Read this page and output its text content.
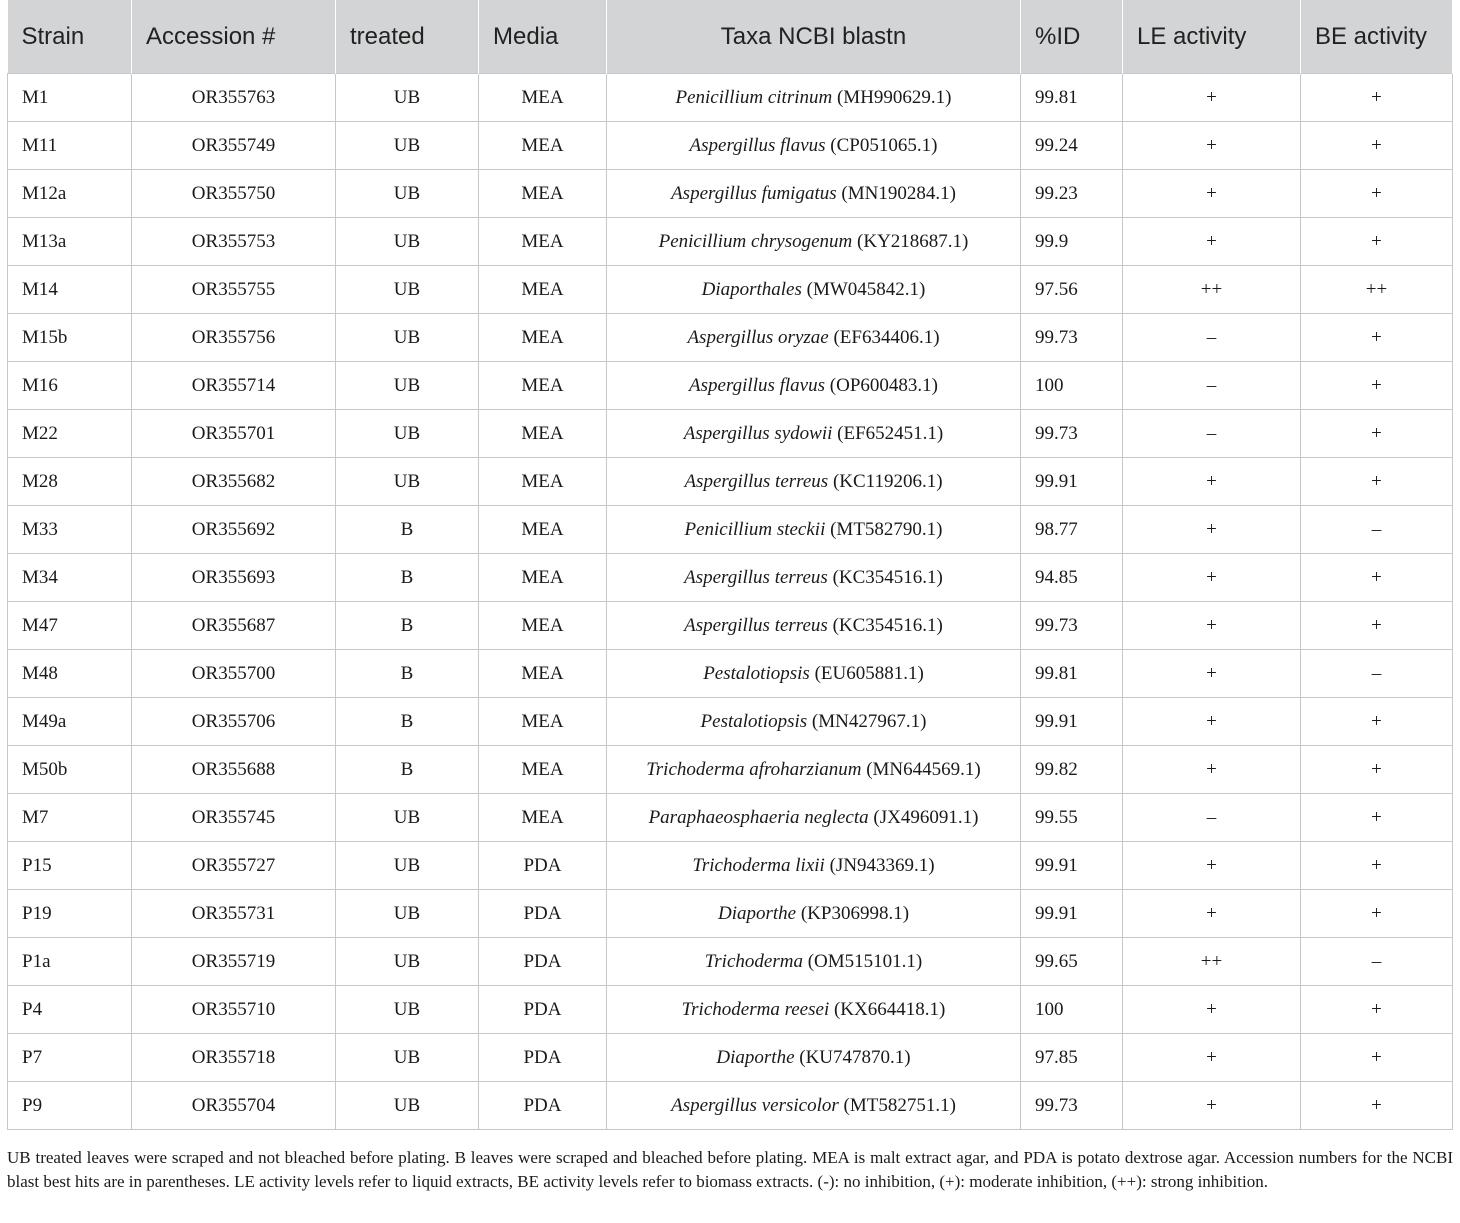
Strain	Accession #	treated	Media	Taxa NCBI blastn	%ID	LE activity	BE activity
M1	OR355763	UB	MEA	Penicillium citrinum (MH990629.1)	99.81	+	+
M11	OR355749	UB	MEA	Aspergillus flavus (CP051065.1)	99.24	+	+
M12a	OR355750	UB	MEA	Aspergillus fumigatus (MN190284.1)	99.23	+	+
M13a	OR355753	UB	MEA	Penicillium chrysogenum (KY218687.1)	99.9	+	+
M14	OR355755	UB	MEA	Diaporthales (MW045842.1)	97.56	++	++
M15b	OR355756	UB	MEA	Aspergillus oryzae (EF634406.1)	99.73	–	+
M16	OR355714	UB	MEA	Aspergillus flavus (OP600483.1)	100	–	+
M22	OR355701	UB	MEA	Aspergillus sydowii (EF652451.1)	99.73	–	+
M28	OR355682	UB	MEA	Aspergillus terreus (KC119206.1)	99.91	+	+
M33	OR355692	B	MEA	Penicillium steckii (MT582790.1)	98.77	+	–
M34	OR355693	B	MEA	Aspergillus terreus (KC354516.1)	94.85	+	+
M47	OR355687	B	MEA	Aspergillus terreus (KC354516.1)	99.73	+	+
M48	OR355700	B	MEA	Pestalotiopsis (EU605881.1)	99.81	+	–
M49a	OR355706	B	MEA	Pestalotiopsis (MN427967.1)	99.91	+	+
M50b	OR355688	B	MEA	Trichoderma afroharzianum (MN644569.1)	99.82	+	+
M7	OR355745	UB	MEA	Paraphaeosphaeria neglecta (JX496091.1)	99.55	–	+
P15	OR355727	UB	PDA	Trichoderma lixii (JN943369.1)	99.91	+	+
P19	OR355731	UB	PDA	Diaporthe (KP306998.1)	99.91	+	+
P1a	OR355719	UB	PDA	Trichoderma (OM515101.1)	99.65	++	–
P4	OR355710	UB	PDA	Trichoderma reesei (KX664418.1)	100	+	+
P7	OR355718	UB	PDA	Diaporthe (KU747870.1)	97.85	+	+
P9	OR355704	UB	PDA	Aspergillus versicolor (MT582751.1)	99.73	+	+
UB treated leaves were scraped and not bleached before plating. B leaves were scraped and bleached before plating. MEA is malt extract agar, and PDA is potato dextrose agar. Accession numbers for the NCBI blast best hits are in parentheses. LE activity levels refer to liquid extracts, BE activity levels refer to biomass extracts. (-): no inhibition, (+): moderate inhibition, (++): strong inhibition.
